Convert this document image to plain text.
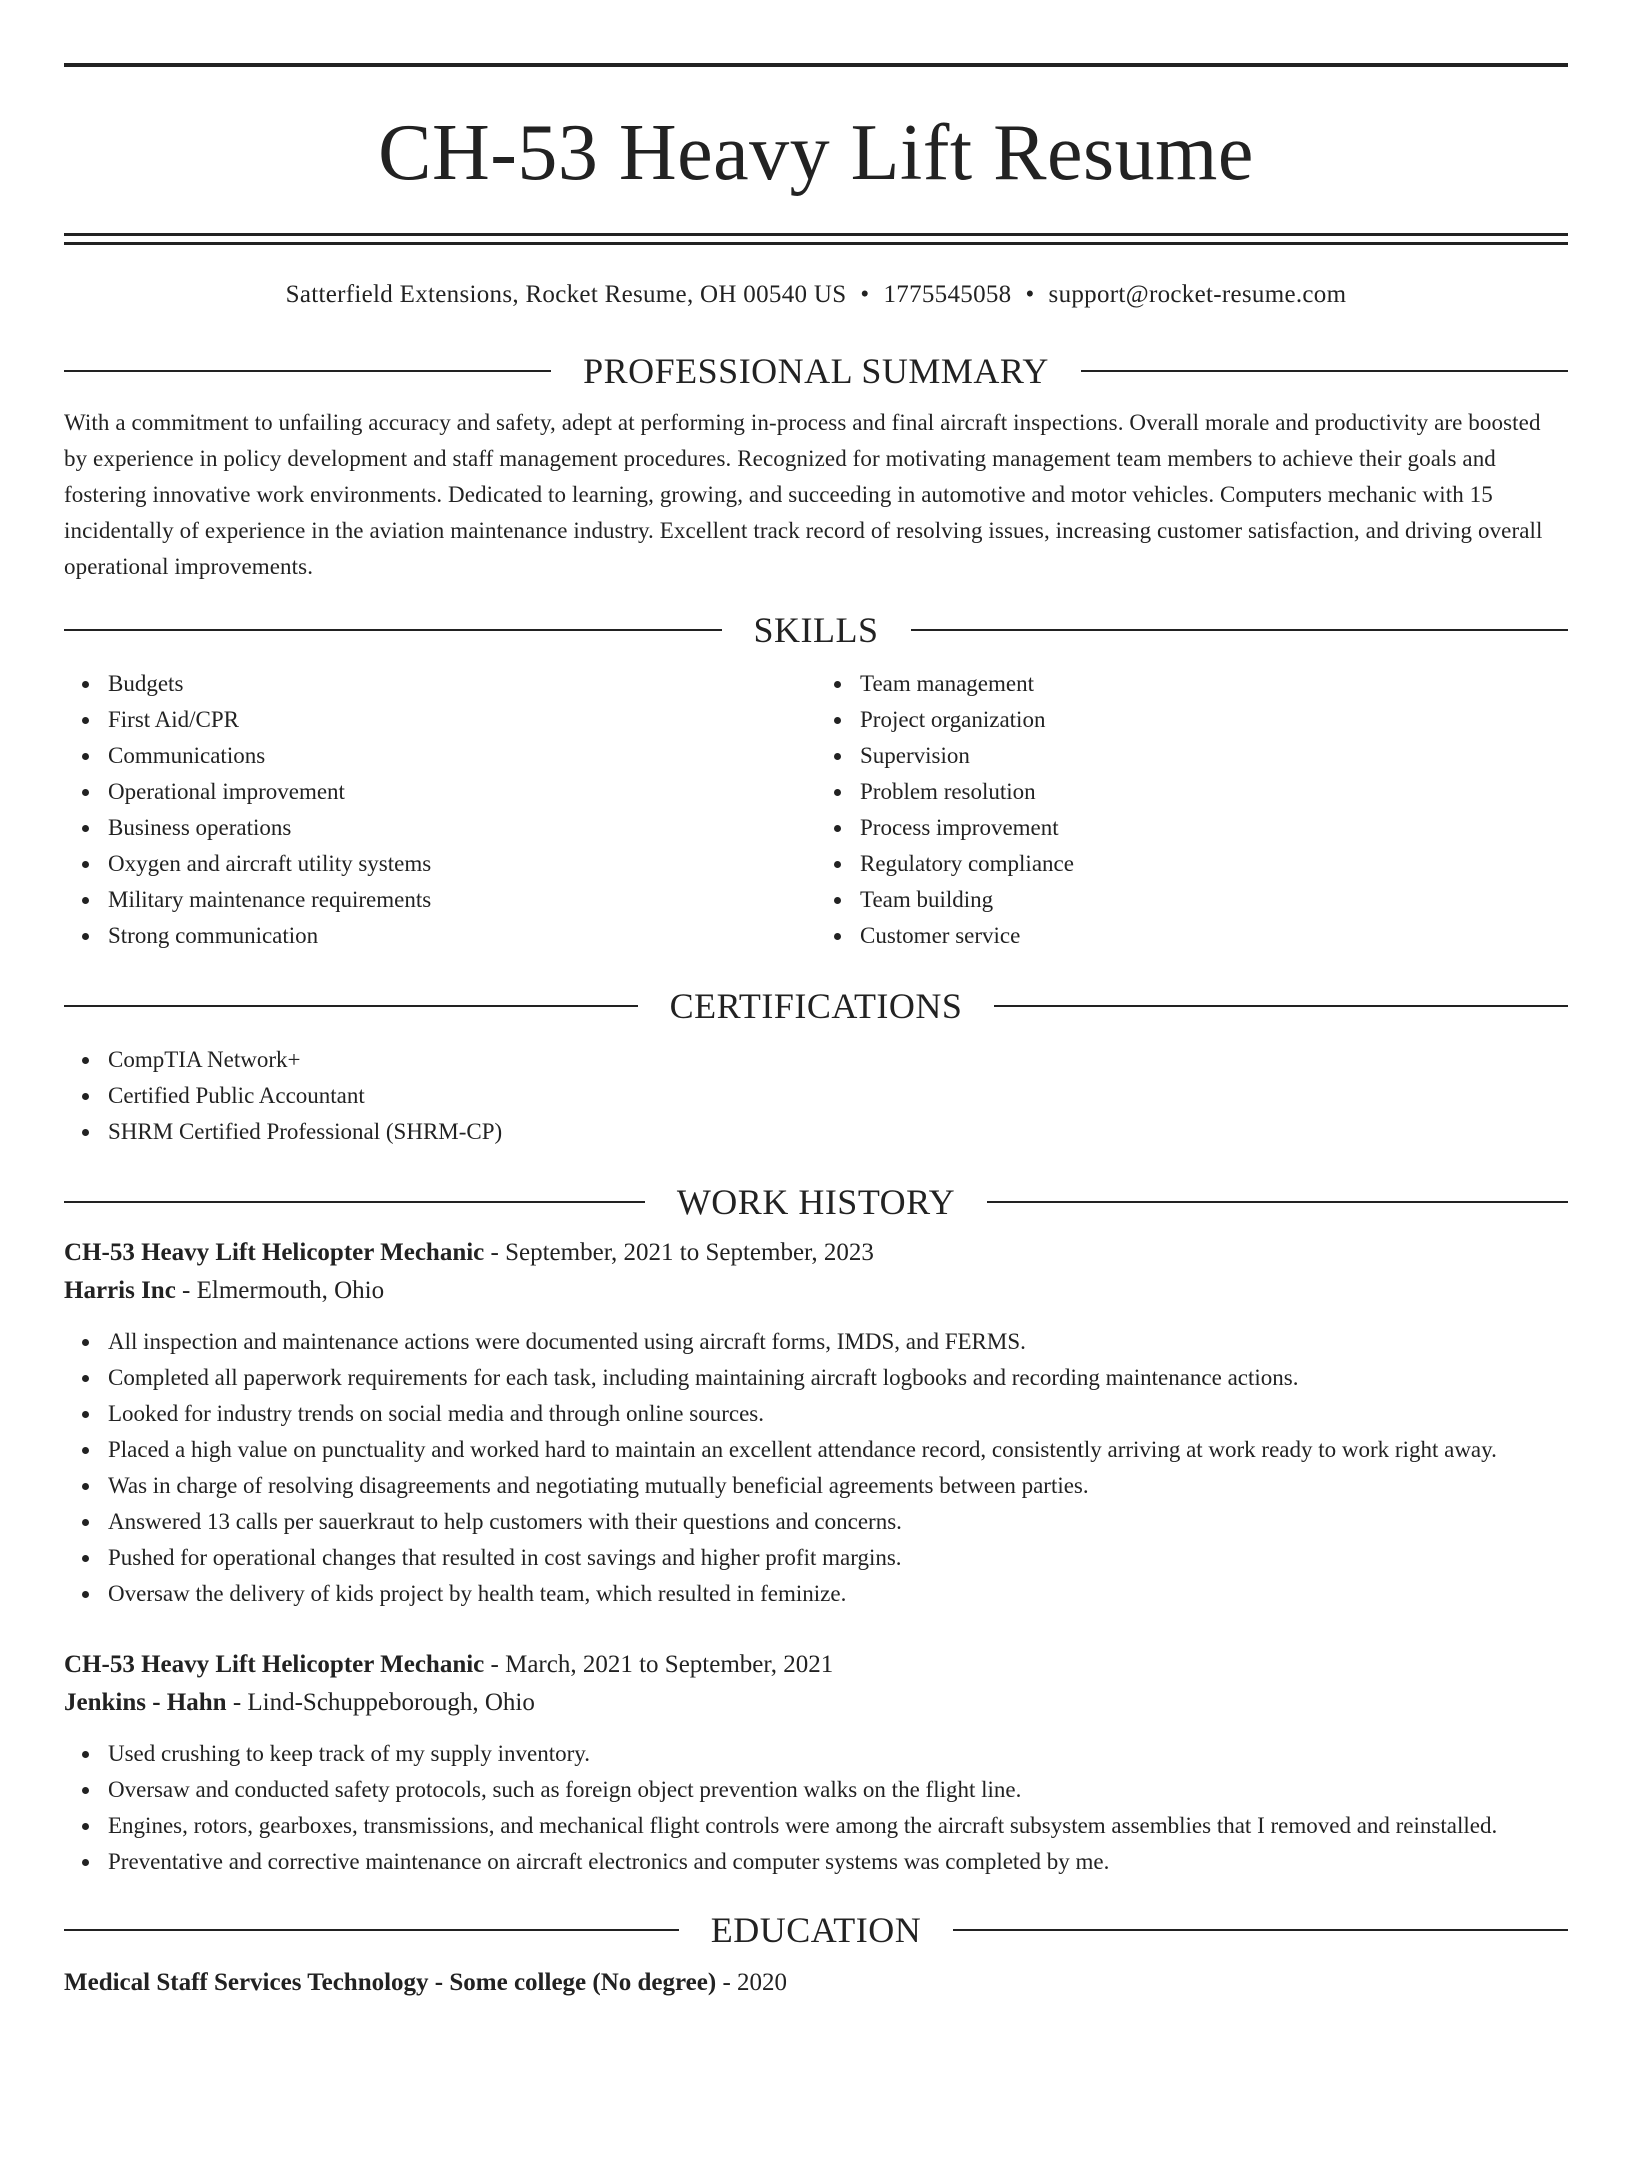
CH-53 Heavy Lift Resume
Satterfield Extensions, Rocket Resume, OH 00540 US • 1775545058 • support@rocket-resume.com
PROFESSIONAL SUMMARY

With a commitment to unfailing accuracy and safety, adept at performing in-process and final aircraft inspections. Overall morale and productivity are boosted by experience in policy development and staff management procedures. Recognized for motivating management team members to achieve their goals and fostering innovative work environments. Dedicated to learning, growing, and succeeding in automotive and motor vehicles. Computers mechanic with 15 incidentally of experience in the aviation maintenance industry. Excellent track record of resolving issues, increasing customer satisfaction, and driving overall operational improvements.

SKILLS
Budgets
First Aid/CPR
Communications
Operational improvement
Business operations
Oxygen and aircraft utility systems
Military maintenance requirements
Strong communication
Team management
Project organization
Supervision
Problem resolution
Process improvement
Regulatory compliance
Team building
Customer service
CERTIFICATIONS
CompTIA Network+
Certified Public Accountant
SHRM Certified Professional (SHRM-CP)
WORK HISTORY
CH-53 Heavy Lift Helicopter Mechanic - September, 2021 to September, 2023
Harris Inc - Elmermouth, Ohio
All inspection and maintenance actions were documented using aircraft forms, IMDS, and FERMS.
Completed all paperwork requirements for each task, including maintaining aircraft logbooks and recording maintenance actions.
Looked for industry trends on social media and through online sources.
Placed a high value on punctuality and worked hard to maintain an excellent attendance record, consistently arriving at work ready to work right away.
Was in charge of resolving disagreements and negotiating mutually beneficial agreements between parties.
Answered 13 calls per sauerkraut to help customers with their questions and concerns.
Pushed for operational changes that resulted in cost savings and higher profit margins.
Oversaw the delivery of kids project by health team, which resulted in feminize.
CH-53 Heavy Lift Helicopter Mechanic - March, 2021 to September, 2021
Jenkins - Hahn - Lind-Schuppeborough, Ohio
Used crushing to keep track of my supply inventory.
Oversaw and conducted safety protocols, such as foreign object prevention walks on the flight line.
Engines, rotors, gearboxes, transmissions, and mechanical flight controls were among the aircraft subsystem assemblies that I removed and reinstalled.
Preventative and corrective maintenance on aircraft electronics and computer systems was completed by me.
EDUCATION
Medical Staff Services Technology - Some college (No degree) - 2020
